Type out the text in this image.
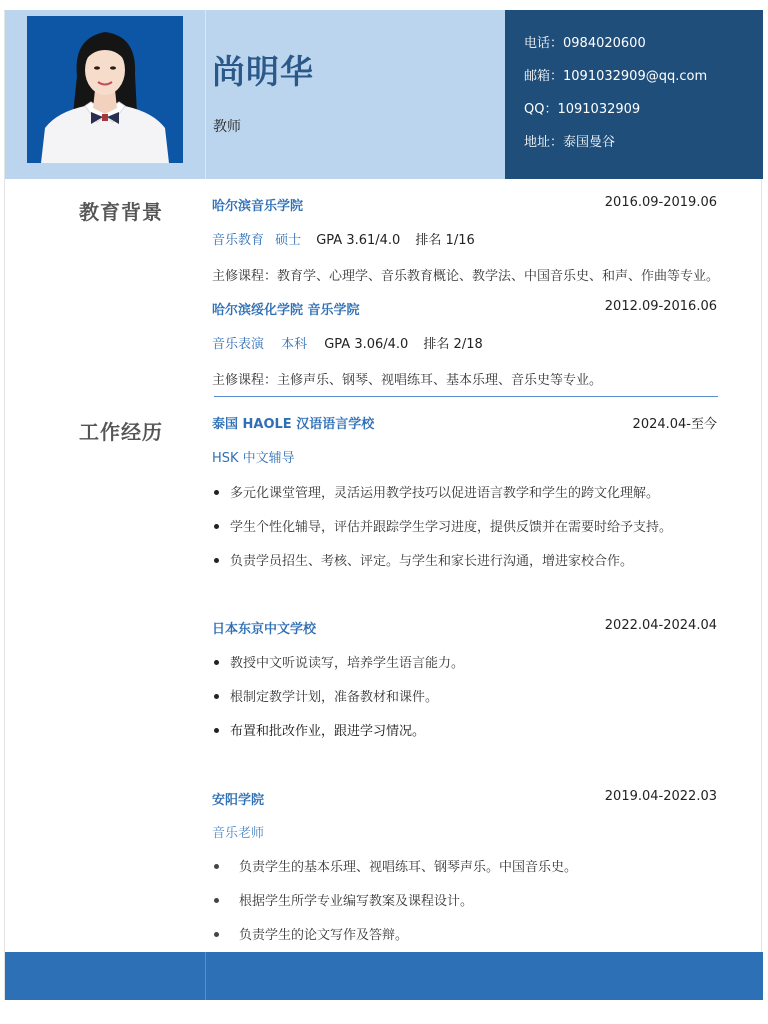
尚明华
教师
电话：0984020600
邮箱：1091032909@qq.com
QQ：1091032909
地址：泰国曼谷
教育背景	哈尔滨音乐学院	2016.09-2019.06
音乐教育 硕士 GPA 3.61/4.0 排名 1/16
主修课程：教育学、心理学、音乐教育概论、教学法、中国音乐史、和声、作曲等专业。
哈尔滨绥化学院 音乐学院	2012.09-2016.06
音乐表演 本科 GPA 3.06/4.0 排名 2/18
主修课程：主修声乐、钢琴、视唱练耳、基本乐理、音乐史等专业。
工作经历	泰国 HAOLE 汉语语言学校	2024.04-至今
HSK 中文辅导
多元化课堂管理，灵活运用教学技巧以促进语言教学和学生的跨文化理解。
学生个性化辅导，评估并跟踪学生学习进度，提供反馈并在需要时给予支持。
负责学员招生、考核、评定。与学生和家长进行沟通，增进家校合作。
日本东京中文学校	2022.04-2024.04
教授中文听说读写，培养学生语言能力。
根制定教学计划，准备教材和课件。
布置和批改作业，跟进学习情况。
安阳学院	2019.04-2022.03
音乐老师
负责学生的基本乐理、视唱练耳、钢琴声乐。中国音乐史。
根据学生所学专业编写教案及课程设计。
负责学生的论文写作及答辩。
